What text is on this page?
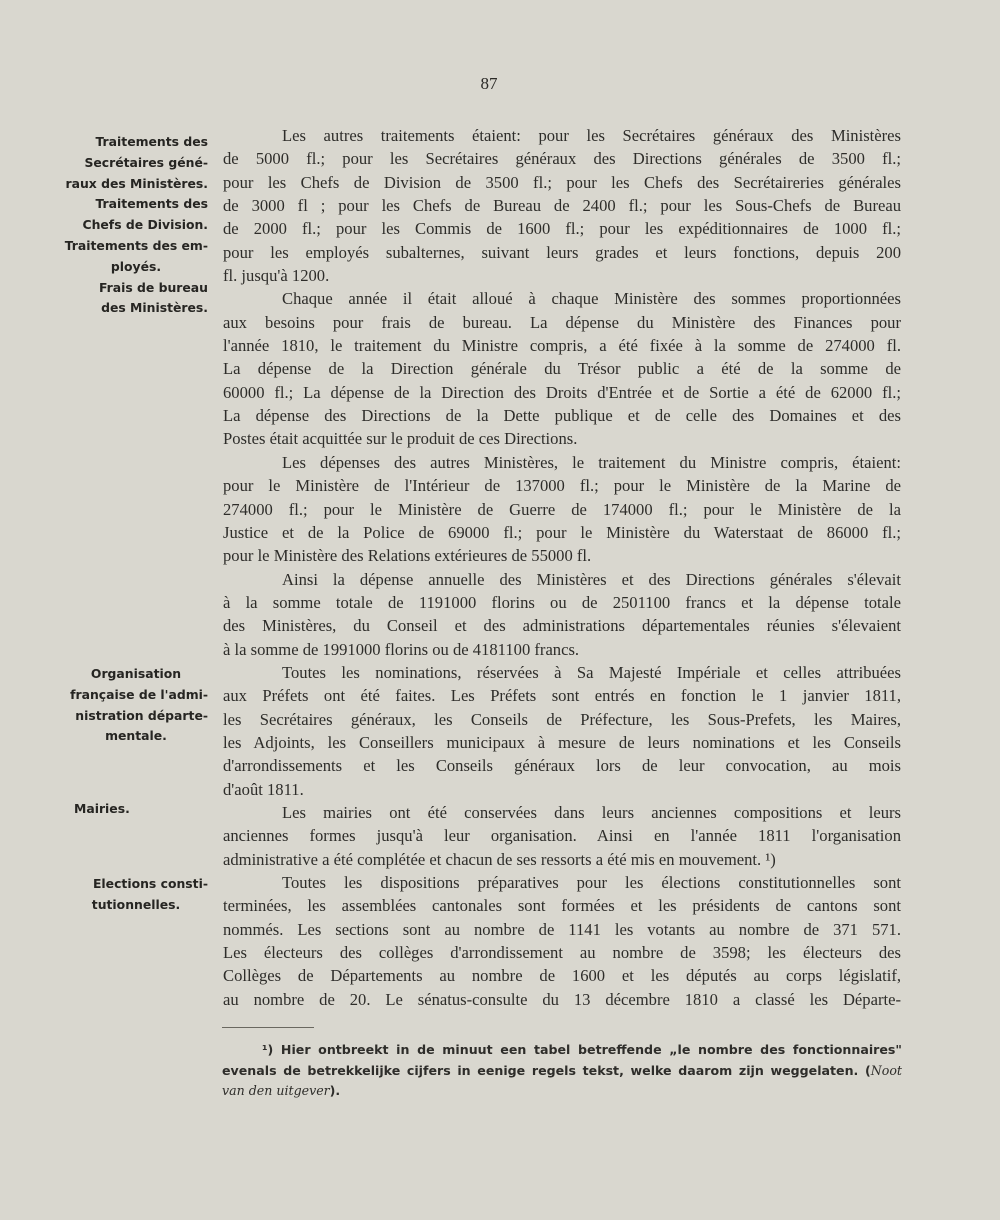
87
Traitements des
Secrétaires géné-
raux des Ministères.
Traitements des
Chefs de Division.
Traitements des em-
ployés.
Frais de bureau
des Ministères.
Organisation
française de l'admi-
nistration départe-
mentale.
Mairies.
Elections consti-
tutionnelles.
Les autres traitements étaient: pour les Secrétaires généraux des Ministères
de 5000 fl.; pour les Secrétaires généraux des Directions générales de 3500 fl.;
pour les Chefs de Division de 3500 fl.; pour les Chefs des Secrétaireries générales
de 3000 fl ; pour les Chefs de Bureau de 2400 fl.; pour les Sous-Chefs de Bureau
de 2000 fl.; pour les Commis de 1600 fl.; pour les expéditionnaires de 1000 fl.;
pour les employés subalternes, suivant leurs grades et leurs fonctions, depuis 200
fl. jusqu'à 1200.
Chaque année il était alloué à chaque Ministère des sommes proportionnées
aux besoins pour frais de bureau. La dépense du Ministère des Finances pour
l'année 1810, le traitement du Ministre compris, a été fixée à la somme de 274000 fl.
La dépense de la Direction générale du Trésor public a été de la somme de
60000 fl.; La dépense de la Direction des Droits d'Entrée et de Sortie a été de 62000 fl.;
La dépense des Directions de la Dette publique et de celle des Domaines et des
Postes était acquittée sur le produit de ces Directions.
Les dépenses des autres Ministères, le traitement du Ministre compris, étaient:
pour le Ministère de l'Intérieur de 137000 fl.; pour le Ministère de la Marine de
274000 fl.; pour le Ministère de Guerre de 174000 fl.; pour le Ministère de la
Justice et de la Police de 69000 fl.; pour le Ministère du Waterstaat de 86000 fl.;
pour le Ministère des Relations extérieures de 55000 fl.
Ainsi la dépense annuelle des Ministères et des Directions générales s'élevait
à la somme totale de 1191000 florins ou de 2501100 francs et la dépense totale
des Ministères, du Conseil et des administrations départementales réunies s'élevaient
à la somme de 1991000 florins ou de 4181100 francs.
Toutes les nominations, réservées à Sa Majesté Impériale et celles attribuées
aux Préfets ont été faites. Les Préfets sont entrés en fonction le 1 janvier 1811,
les Secrétaires généraux, les Conseils de Préfecture, les Sous-Prefets, les Maires,
les Adjoints, les Conseillers municipaux à mesure de leurs nominations et les Conseils
d'arrondissements et les Conseils généraux lors de leur convocation, au mois
d'août 1811.
Les mairies ont été conservées dans leurs anciennes compositions et leurs
anciennes formes jusqu'à leur organisation. Ainsi en l'année 1811 l'organisation
administrative a été complétée et chacun de ses ressorts a été mis en mouvement. ¹)
Toutes les dispositions préparatives pour les élections constitutionnelles sont
terminées, les assemblées cantonales sont formées et les présidents de cantons sont
nommés. Les sections sont au nombre de 1141 les votants au nombre de 371 571.
Les électeurs des collèges d'arrondissement au nombre de 3598; les électeurs des
Collèges de Départements au nombre de 1600 et les députés au corps législatif,
au nombre de 20. Le sénatus-consulte du 13 décembre 1810 a classé les Départe-
¹) Hier ontbreekt in de minuut een tabel betreffende „le nombre des fonctionnaires"
evenals de betrekkelijke cijfers in eenige regels tekst, welke daarom zijn weggelaten. (Noot
van den uitgever).
